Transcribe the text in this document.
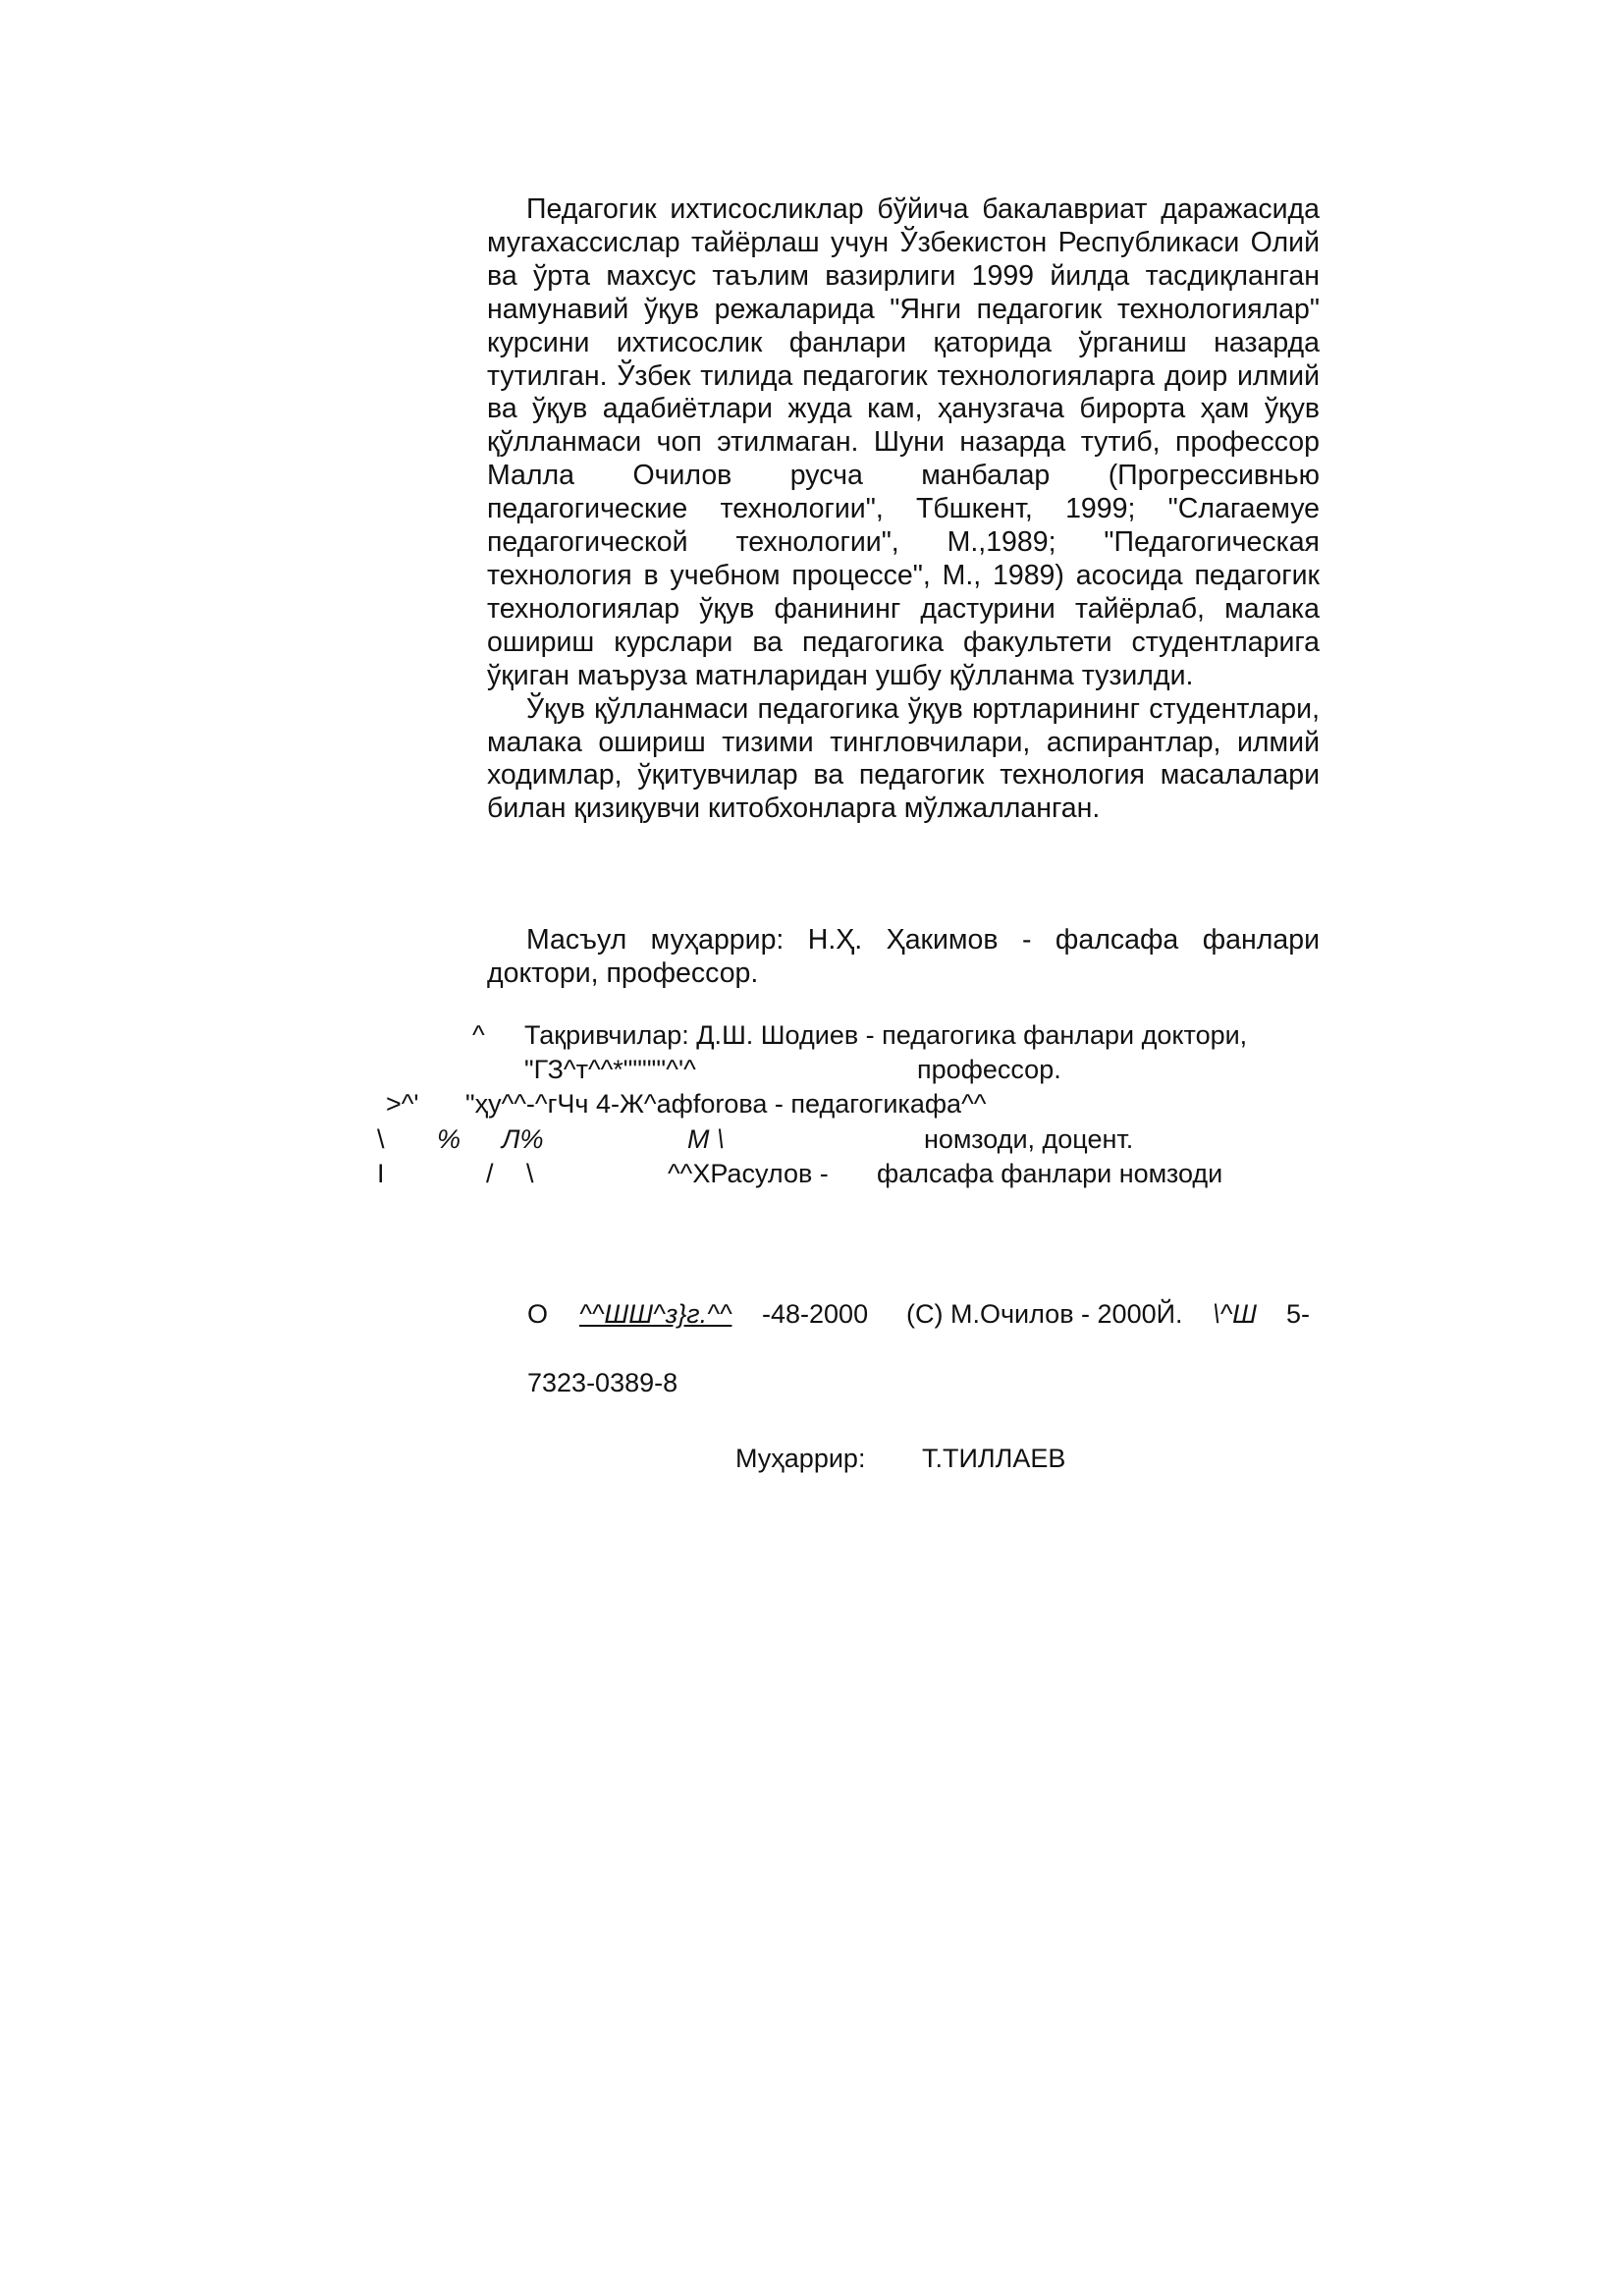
Педагогик ихтисосликлар бўйича бакалавриат даражасида мугахассислар тайёрлаш учун Ўзбекистон Республикаси Олий ва ўрта махсус таълим вазирлиги 1999 йилда тасдиқланган намунавий ўқув режаларида "Янги педагогик технологиялар" курсини ихтисослик фанлари қаторида ўрганиш назарда тутилган. Ўзбек тилида педагогик технологияларга доир илмий ва ўқув адабиётлари жуда кам, ҳанузгача бирорта ҳам ўқув қўлланмаси чоп этилмаган. Шуни назарда тутиб, профессор Малла Очилов русча манбалар (Прогрессивнью педагогические технологии", Тбшкент, 1999; "Слагаемуе педагогической технологии", М.,1989; "Педагогическая технология в учебном процессе", М., 1989) асосида педагогик технологиялар ўқув фанининг дастурини тайёрлаб, малака ошириш курслари ва педагогика факультети студентларига ўқиган маъруза матнларидан ушбу қўлланма тузилди.

Ўқув қўлланмаси педагогика ўқув юртларининг студентлари, малака ошириш тизими тингловчилари, аспирантлар, илмий ходимлар, ўқитувчилар ва педагогик технология масалалари билан қизиқувчи китобхонларга мўлжалланган.

Масъул муҳаррир: Н.Ҳ. Ҳакимов - фалсафа фанлари доктори, профессор.

^ Тақривчилар: Д.Ш. Шодиев - педагогика фанлари доктори,
"ГЗ^т^^*""""'^'^	профессор.
>^' "ҳу^^-^гЧч 4-Ж^афforова - педагогикафа^^
\ % Л%	М \	номзоди, доцент.
I	/ \	^^ХРасулов - фалсафа фанлари номзоди
О ^^ШШ^з}г.^^ -48-2000 (С) М.Очилов - 2000Й. \^Ш 5-
7323-0389-8
Муҳаррир: Т.ТИЛЛАЕВ
